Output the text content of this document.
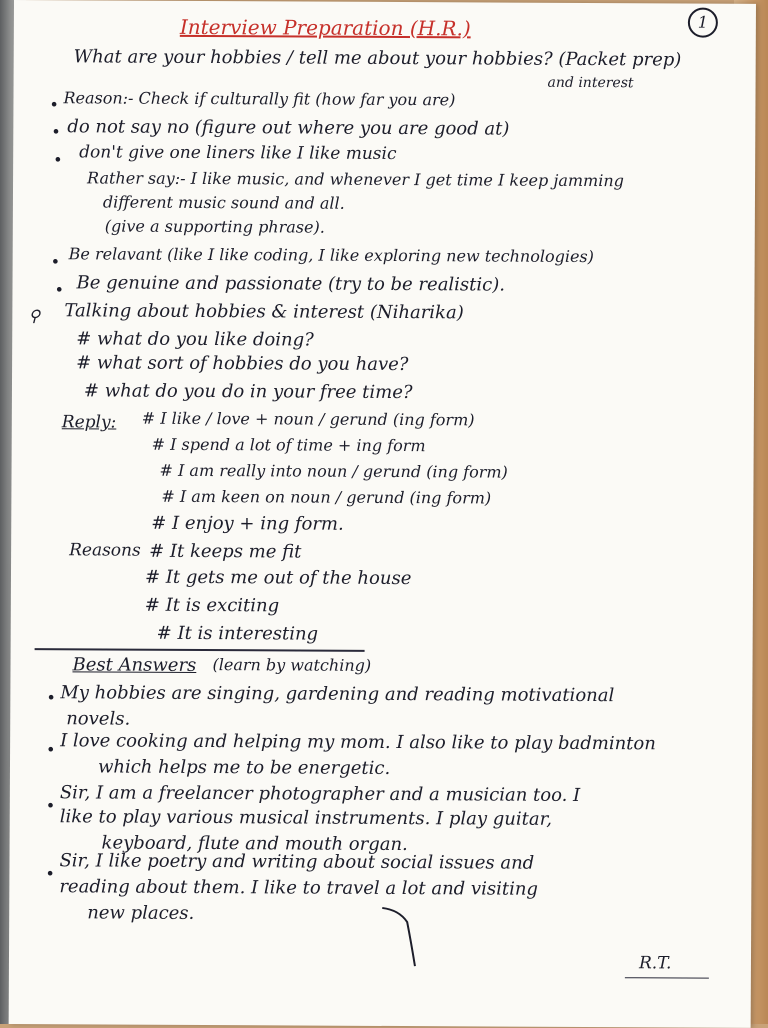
1
Interview Preparation (H.R.)
What are your hobbies / tell me about your hobbies? (Packet prep)
and interest
• Reason:- Check if culturally fit (how far you are)
• do not say no (figure out where you are good at)
• don't give one liners like I like music
Rather say:- I like music, and whenever I get time I keep jamming
different music sound and all.
(give a supporting phrase).
• Be relavant (like I like coding, I like exploring new technologies)
• Be genuine and passionate (try to be realistic).
⚲ Talking about hobbies & interest (Niharika)
# what do you like doing?
# what sort of hobbies do you have?
# what do you do in your free time?
Reply: # I like / love + noun / gerund (ing form)
# I spend a lot of time + ing form
# I am really into noun / gerund (ing form)
# I am keen on noun / gerund (ing form)
# I enjoy + ing form.
Reasons # It keeps me fit
# It gets me out of the house
# It is exciting
# It is interesting
Best Answers (learn by watching)
• My hobbies are singing, gardening and reading motivational
novels.
• I love cooking and helping my mom. I also like to play badminton
which helps me to be energetic.
• Sir, I am a freelancer photographer and a musician too. I
like to play various musical instruments. I play guitar,
keyboard, flute and mouth organ.
• Sir, I like poetry and writing about social issues and
reading about them. I like to travel a lot and visiting
new places.
R.T.
